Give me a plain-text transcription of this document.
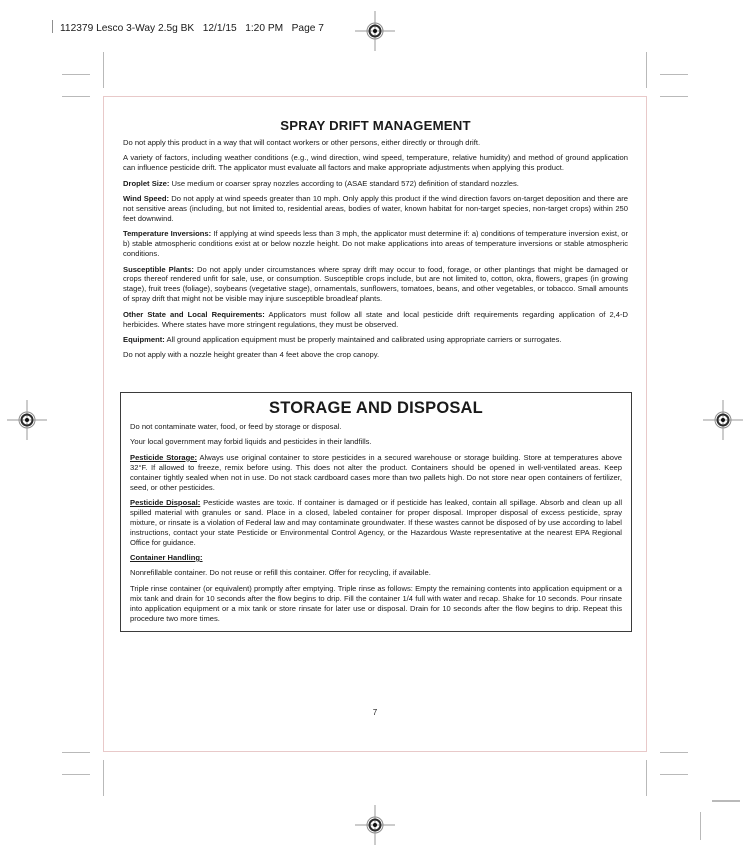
112379 Lesco 3-Way 2.5g BK   12/1/15   1:20 PM   Page 7
SPRAY DRIFT MANAGEMENT

Do not apply this product in a way that will contact workers or other persons, either directly or through drift.

A variety of factors, including weather conditions (e.g., wind direction, wind speed, temperature, relative humidity) and method of ground application can influence pesticide drift. The applicator must evaluate all factors and make appropriate adjustments when applying this product.

Droplet Size: Use medium or coarser spray nozzles according to (ASAE standard 572) definition of standard nozzles.

Wind Speed: Do not apply at wind speeds greater than 10 mph. Only apply this product if the wind direction favors on-target deposition and there are not sensitive areas (including, but not limited to, residential areas, bodies of water, known habitat for non-target species, non-target crops) within 250 feet downwind.

Temperature Inversions: If applying at wind speeds less than 3 mph, the applicator must determine if: a) conditions of temperature inversion exist, or b) stable atmospheric conditions exist at or below nozzle height. Do not make applications into areas of temperature inversions or stable atmospheric conditions.

Susceptible Plants: Do not apply under circumstances where spray drift may occur to food, forage, or other plantings that might be damaged or crops thereof rendered unfit for sale, use, or consumption. Susceptible crops include, but are not limited to, cotton, okra, flowers, grapes (in growing stage), fruit trees (foliage), soybeans (vegetative stage), ornamentals, sunflowers, tomatoes, beans, and other vegetables, or tobacco. Small amounts of spray drift that might not be visible may injure susceptible broadleaf plants.

Other State and Local Requirements: Applicators must follow all state and local pesticide drift requirements regarding application of 2,4-D herbicides. Where states have more stringent regulations, they must be observed.

Equipment: All ground application equipment must be properly maintained and calibrated using appropriate carriers or surrogates.

Do not apply with a nozzle height greater than 4 feet above the crop canopy.

STORAGE AND DISPOSAL

Do not contaminate water, food, or feed by storage or disposal.

Your local government may forbid liquids and pesticides in their landfills.

Pesticide Storage: Always use original container to store pesticides in a secured warehouse or storage building. Store at temperatures above 32°F. If allowed to freeze, remix before using. This does not alter the product. Containers should be opened in well-ventilated areas. Keep container tightly sealed when not in use. Do not stack cardboard cases more than two pallets high. Do not store near open containers of fertilizer, seed, or other pesticides.

Pesticide Disposal: Pesticide wastes are toxic. If container is damaged or if pesticide has leaked, contain all spillage. Absorb and clean up all spilled material with granules or sand. Place in a closed, labeled container for proper disposal. Improper disposal of excess pesticide, spray mixture, or rinsate is a violation of Federal law and may contaminate groundwater. If these wastes cannot be disposed of by use according to label instructions, contact your state Pesticide or Environmental Control Agency, or the Hazardous Waste representative at the nearest EPA Regional Office for guidance.

Container Handling:

Nonrefillable container. Do not reuse or refill this container. Offer for recycling, if available.

Triple rinse container (or equivalent) promptly after emptying. Triple rinse as follows: Empty the remaining contents into application equipment or a mix tank and drain for 10 seconds after the flow begins to drip. Fill the container 1/4 full with water and recap. Shake for 10 seconds. Pour rinsate into application equipment or a mix tank or store rinsate for later use or disposal. Drain for 10 seconds after the flow begins to drip. Repeat this procedure two more times.

7
